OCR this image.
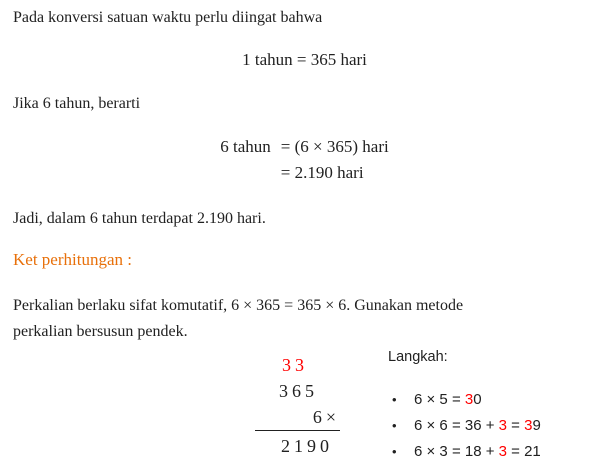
Pada konversi satuan waktu perlu diingat bahwa

1 tahun = 365 hari

Jika 6 tahun, berarti

6 tahun = (6 × 365) hari
= 2.190 hari

Jadi, dalam 6 tahun terdapat 2.190 hari.

Ket perhitungan :

Perkalian berlaku sifat komutatif, 6 × 365 = 365 × 6. Gunakan metode
perkalian bersusun pendek.

33
365
6×
2190
Langkah:
• 6 × 5 = 30
• 6 × 6 = 36 + 3 = 39
• 6 × 3 = 18 + 3 = 21
